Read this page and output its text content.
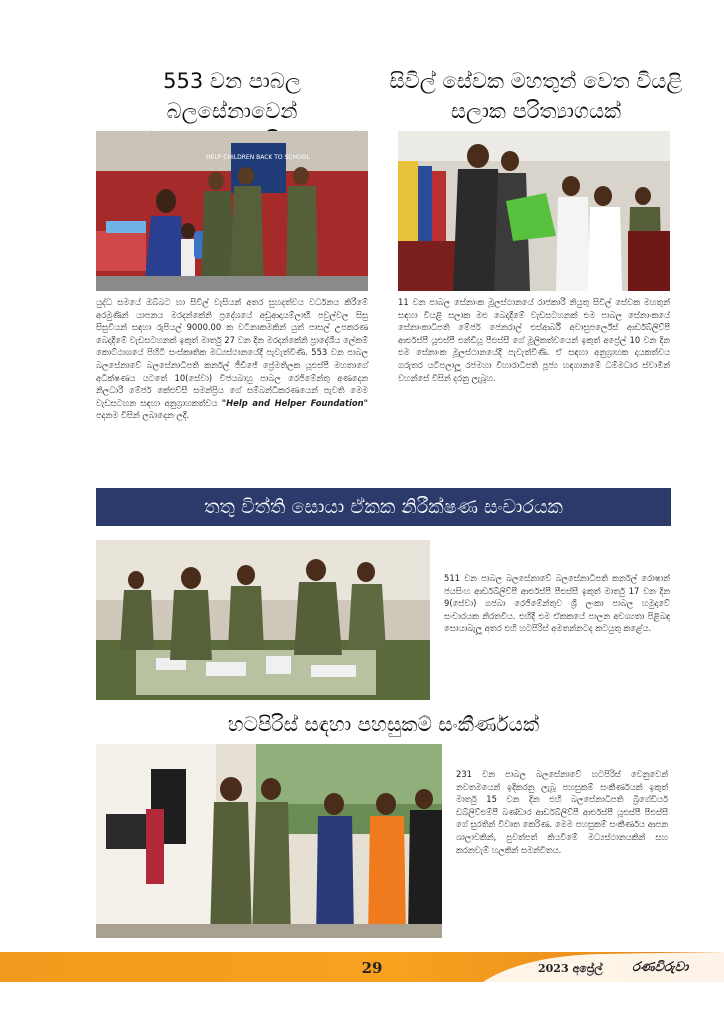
553 වන පාබල බලසේනාවෙන්
HELP CHILDREN BACK TO SCHOOL
යුද්ධ සමයේ ඔබ්බට හා සිවිල් වැසියන් අතර සුහදත්වය වර්ධනය කිරීමේ අරමුණින් යාපනය මරදන්කේනි ප්‍රදේශයේ අඩුආදායම්ලාභී පවුල්වල සිසු සිසුවියන් සඳහා රුපියල් 9000.00 ක වටිනාකමකින් යුත් පාසල් උපකරණ බෙදාදීමේ වැඩසටහනක් ඉකුත් මාර්තු 27 වන දින මරදන්කේනි ප්‍රාදේශීය ලේකම් කොට්ඨාශයේ පිහිටි සංස්කෘතික මධ්‍යස්ථානයේදී පැවැත්විණි. 553 වන පාබල බලසේනාවේ බලසේනාධිපති කර්නල් ජීඩීජේ ප්‍රේමතිලක යූඑස්පී මහතාගේ අධීක්ෂණය යටතේ 10(සේවා) විජයබාහු පාබල රෙජිමේන්තු අණදෙන නිලධාරී මේජර් කේඑච්සී සමන්ප්‍රිය ගේ සම්බන්ධීකරණයෙන් පැවති මෙම වැඩසටහන සඳහා අනුග්‍රාහකත්වය "Help and Helper Foundation" පදනම විසින් ලබාදෙන ලදී.
සිවිල් සේවක මහතුන් වෙත වියළි
සලාක පරිත්‍යාගයක්
11 වන පාබල සේනාංක මූලස්ථානයේ රාජකාරී නියුතු සිවිල් සේවක මහතුන් සඳහා වියළි සලාක මළු බෙදාදීමේ වැඩසටහනක් එම පාබල සේනාංකයේ සේනාංකාධිපති මේජර් ජෙනරාල් එස්ආර්බී අවාසුපර්ලේස් ආර්ඩබ්ලිව්පී ආර්එස්පී යූඑස්පී එන්ඩීයූ පීඑස්සී ගේ මූලිකත්වයෙන් ඉකුත් අප්‍රේල් 10 වන දින එම සේනාංක මූලස්ථානයේදී පැවැත්විණි. ඒ සඳහා අනුග්‍රාහක දායකත්වය ගරුතර යටිපලාලූ රජමහා විහාරාධිපති පූජ්‍ය හඳගානමේ ධම්මධාර ස්වාමීන් වහන්සේ විසින් දරනු ලැබූහ.
තතු විත්ති සොයා ඒකක නිරීක්ෂණ සංචාරයක
511 වන පාබල බලසේනාවේ බලසේනාධිපති කර්නල් රොෂාන් ජයසිංහ ආර්ඩබ්ලිව්පී ආර්එස්පී පීඑස්සී ඉකුත් මාර්තු 17 වන දින 9(සේවා) ගජබා රෙජිමේන්තුව ශ්‍රී ලංකා පාබල හමුදාවේ සංචාරයක නිරතවිය. එහිදී එම ඒකකයේ පාලන අවශ්‍යතා පිළිබඳ සොයාබැලූ අතර එහි හටපිරිස් අමතන්නටද කටයුතු කළේය.
හටපිරිස් සඳහා පහසුකම් සංකීර්ණයක්
231 වන පාබල බලසේනාවේ හටපිරිස් වෙනුවෙන් නවතමයෙන් ඉදිකරනු ලැබූ පහසුකම් සංකීර්ණයක් ඉකුත් මාර්තු 15 වන දින එහි බලසේනාධිපති බ්‍රිගේඩියර් ඩබ්ලිව්එම්පී බණ්ඩාර ආර්ඩබ්ලිව්පී ආර්එස්පී යූඑස්පී පීඑස්සී ගේ සුරතින් විවෘත කෙරිණ. මෙම පහසුකම් සංකීර්ණය ආපන ශාලාවකින්, පුවත්පත් කියවීමේ මධ්‍යස්ථානයකින් සහ කරනවැම් හලකින් සමන්විතය.
29	2023 අප්‍රේල්	රණවිරුවා
